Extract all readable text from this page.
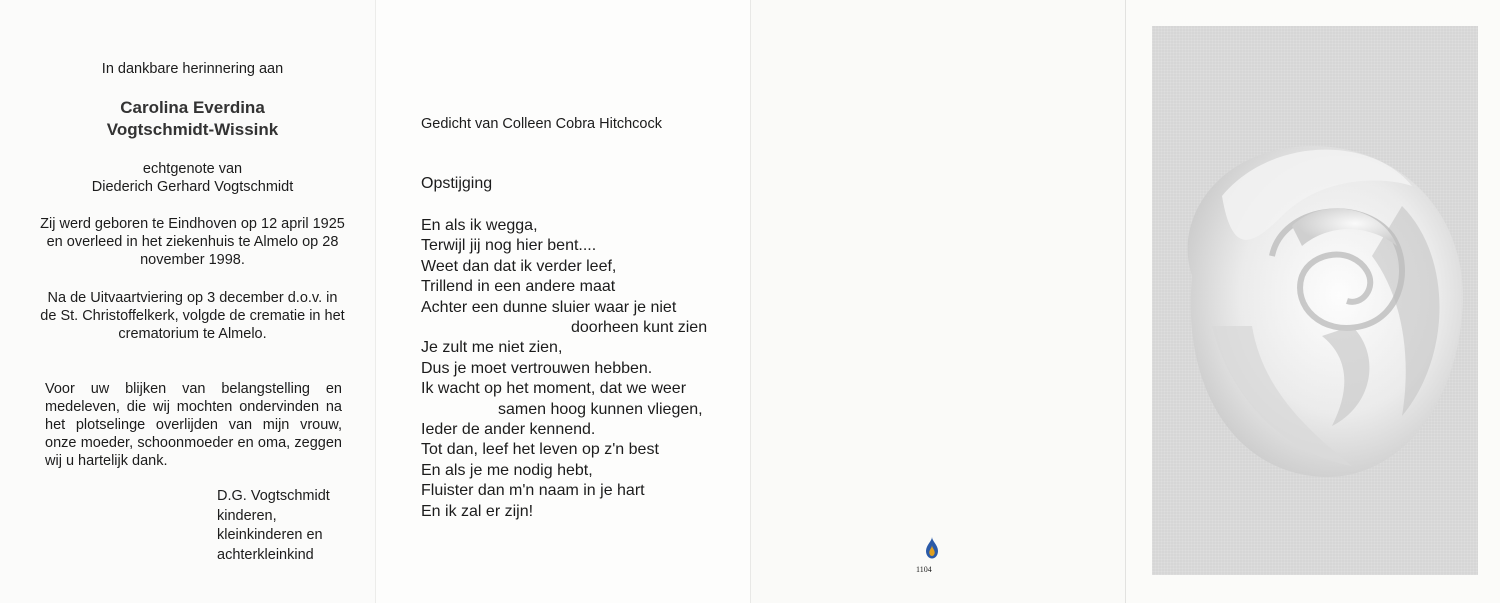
In dankbare herinnering aan
Carolina Everdina
Vogtschmidt-Wissink
echtgenote van
Diederich Gerhard Vogtschmidt
Zij werd geboren te Eindhoven op 12 april 1925 en overleed in het ziekenhuis te Almelo op 28 november 1998.
Na de Uitvaartviering op 3 december d.o.v. in de St. Christoffelkerk, volgde de crematie in het crematorium te Almelo.
Voor uw blijken van belangstelling en medeleven, die wij mochten ondervinden na het plotselinge overlijden van mijn vrouw, onze moeder, schoonmoeder en oma, zeggen wij u hartelijk dank.
D.G. Vogtschmidt
kinderen,
kleinkinderen en
achterkleinkind
Gedicht van Colleen Cobra Hitchcock
Opstijging
En als ik wegga,
Terwijl jij nog hier bent....
Weet dan dat ik verder leef,
Trillend in een andere maat
Achter een dunne sluier waar je niet
doorheen kunt zien
Je zult me niet zien,
Dus je moet vertrouwen hebben.
Ik wacht op het moment, dat we weer
samen hoog kunnen vliegen,
Ieder de ander kennend.
Tot dan, leef het leven op z'n best
En als je me nodig hebt,
Fluister dan m'n naam in je hart
En ik zal er zijn!
1104
